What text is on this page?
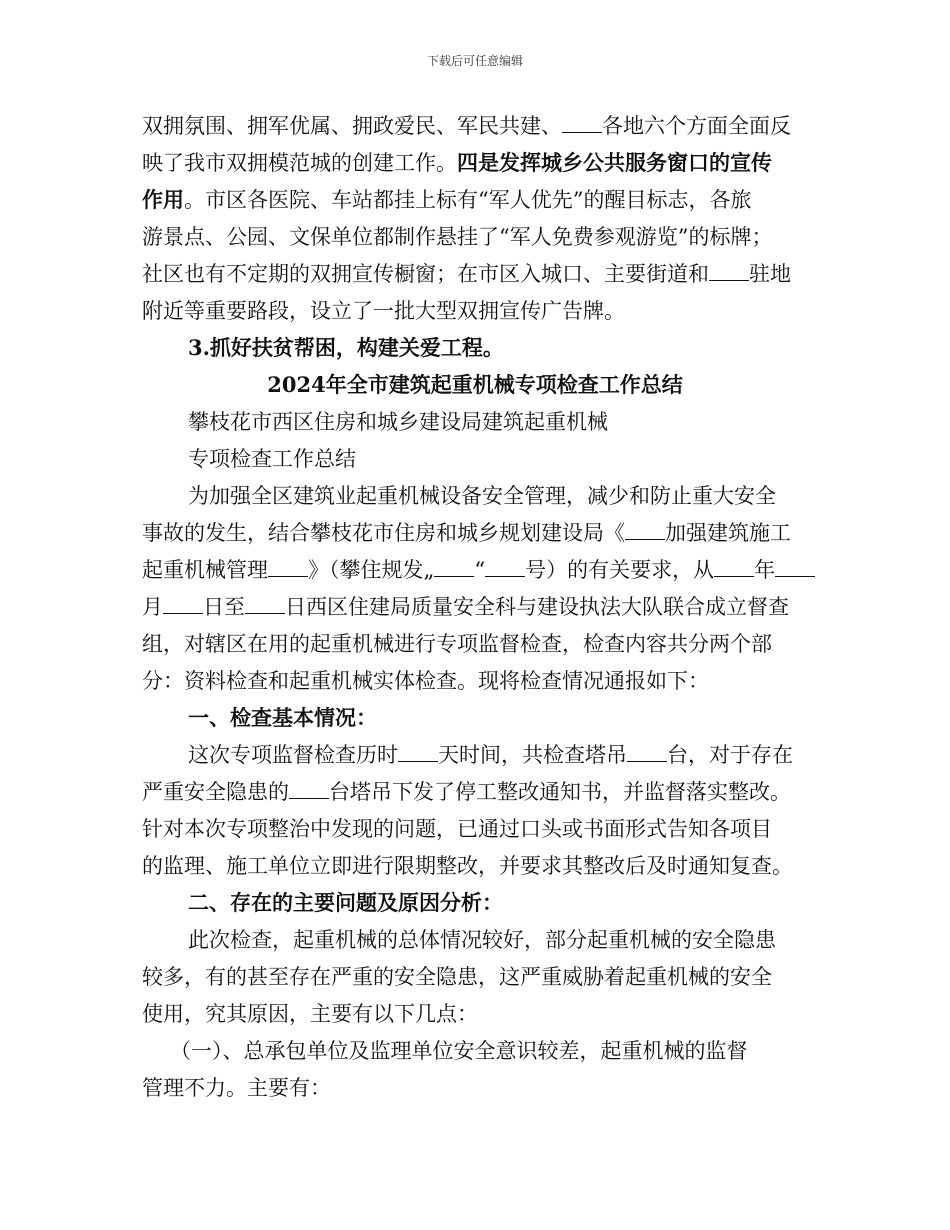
下载后可任意编辑
双拥氛围、拥军优属、拥政爱民、军民共建、 各地六个方面全面反
映了我市双拥模范城的创建工作。四是发挥城乡公共服务窗口的宣传
作用。市区各医院、车站都挂上标有“军人优先”的醒目标志，各旅
游景点、公园、文保单位都制作悬挂了“军人免费参观游览”的标牌；
社区也有不定期的双拥宣传橱窗；在市区入城口、主要街道和 驻地
附近等重要路段，设立了一批大型双拥宣传广告牌。
3.抓好扶贫帮困，构建关爱工程。
2024年全市建筑起重机械专项检查工作总结
攀枝花市西区住房和城乡建设局建筑起重机械
专项检查工作总结
为加强全区建筑业起重机械设备安全管理，减少和防止重大安全
事故的发生，结合攀枝花市住房和城乡规划建设局《 加强建筑施工
起重机械管理 》（攀住规发„ “ 号）的有关要求，从 年
月 日至 日西区住建局质量安全科与建设执法大队联合成立督查
组，对辖区在用的起重机械进行专项监督检查，检查内容共分两个部
分：资料检查和起重机械实体检查。现将检查情况通报如下：
一、检查基本情况：
这次专项监督检查历时 天时间，共检查塔吊 台，对于存在
严重安全隐患的 台塔吊下发了停工整改通知书，并监督落实整改。
针对本次专项整治中发现的问题，已通过口头或书面形式告知各项目
的监理、施工单位立即进行限期整改，并要求其整改后及时通知复查。
二、存在的主要问题及原因分析：
此次检查，起重机械的总体情况较好，部分起重机械的安全隐患
较多，有的甚至存在严重的安全隐患，这严重威胁着起重机械的安全
使用，究其原因，主要有以下几点：
（一）、总承包单位及监理单位安全意识较差，起重机械的监督
管理不力。主要有：
